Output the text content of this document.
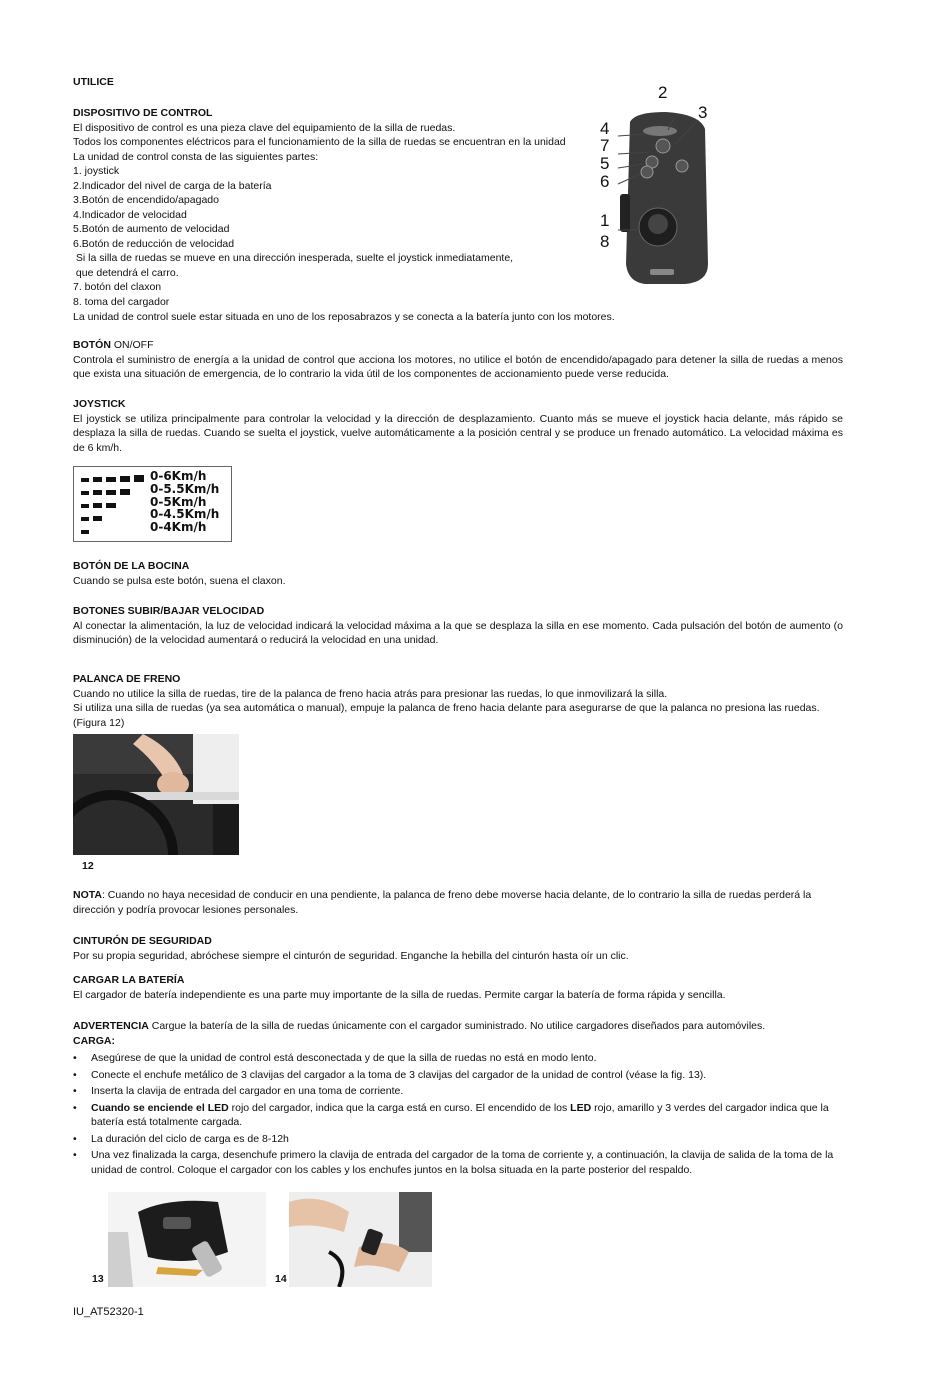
UTILICE
DISPOSITIVO DE CONTROL
El dispositivo de control es una pieza clave del equipamiento de la silla de ruedas.
Todos los componentes eléctricos para el funcionamiento de la silla de ruedas se encuentran en la unidad
La unidad de control consta de las siguientes partes:
1. joystick
2.Indicador del nivel de carga de la batería
3.Botón de encendido/apagado
4.Indicador de velocidad
5.Botón de aumento de velocidad
6.Botón de reducción de velocidad
Si la silla de ruedas se mueve en una dirección inesperada, suelte el joystick inmediatamente,
que detendrá el carro.
7. botón del claxon
8. toma del cargador
2
3
4
7
5
6
1
8
La unidad de control suele estar situada en uno de los reposabrazos y se conecta a la batería junto con los motores.
BOTÓN ON/OFF
Controla el suministro de energía a la unidad de control que acciona los motores, no utilice el botón de encendido/apagado para detener la silla de ruedas a menos que exista una situación de emergencia, de lo contrario la vida útil de los componentes de accionamiento puede verse reducida.
JOYSTICK
El joystick se utiliza principalmente para controlar la velocidad y la dirección de desplazamiento. Cuanto más se mueve el joystick hacia delante, más rápido se desplaza la silla de ruedas. Cuando se suelta el joystick, vuelve automáticamente a la posición central y se produce un frenado automático. La velocidad máxima es de 6 km/h.
0-6Km/h
0-5.5Km/h
0-5Km/h
0-4.5Km/h
0-4Km/h
BOTÓN DE LA BOCINA
Cuando se pulsa este botón, suena el claxon.
BOTONES SUBIR/BAJAR VELOCIDAD
Al conectar la alimentación, la luz de velocidad indicará la velocidad máxima a la que se desplaza la silla en ese momento. Cada pulsación del botón de aumento (o disminución) de la velocidad aumentará o reducirá la velocidad en una unidad.
PALANCA DE FRENO
Cuando no utilice la silla de ruedas, tire de la palanca de freno hacia atrás para presionar las ruedas, lo que inmovilizará la silla.
Si utiliza una silla de ruedas (ya sea automática o manual), empuje la palanca de freno hacia delante para asegurarse de que la palanca no presiona las ruedas. (Figura 12)
12
NOTA: Cuando no haya necesidad de conducir en una pendiente, la palanca de freno debe moverse hacia delante, de lo contrario la silla de ruedas perderá la dirección y podría provocar lesiones personales.
CINTURÓN DE SEGURIDAD
Por su propia seguridad, abróchese siempre el cinturón de seguridad. Enganche la hebilla del cinturón hasta oír un clic.
CARGAR LA BATERÍA
El cargador de batería independiente es una parte muy importante de la silla de ruedas. Permite cargar la batería de forma rápida y sencilla.
ADVERTENCIA Cargue la batería de la silla de ruedas únicamente con el cargador suministrado. No utilice cargadores diseñados para automóviles.
CARGA:
• Asegúrese de que la unidad de control está desconectada y de que la silla de ruedas no está en modo lento.
• Conecte el enchufe metálico de 3 clavijas del cargador a la toma de 3 clavijas del cargador de la unidad de control (véase la fig. 13).
• Inserta la clavija de entrada del cargador en una toma de corriente.
• Cuando se enciende el LED rojo del cargador, indica que la carga está en curso. El encendido de los LED rojo, amarillo y 3 verdes del cargador indica que la batería está totalmente cargada.
• La duración del ciclo de carga es de 8-12h
• Una vez finalizada la carga, desenchufe primero la clavija de entrada del cargador de la toma de corriente y, a continuación, la clavija de salida de la toma de la unidad de control. Coloque el cargador con los cables y los enchufes juntos en la bolsa situada en la parte posterior del respaldo.
13	14
IU_AT52320-1
